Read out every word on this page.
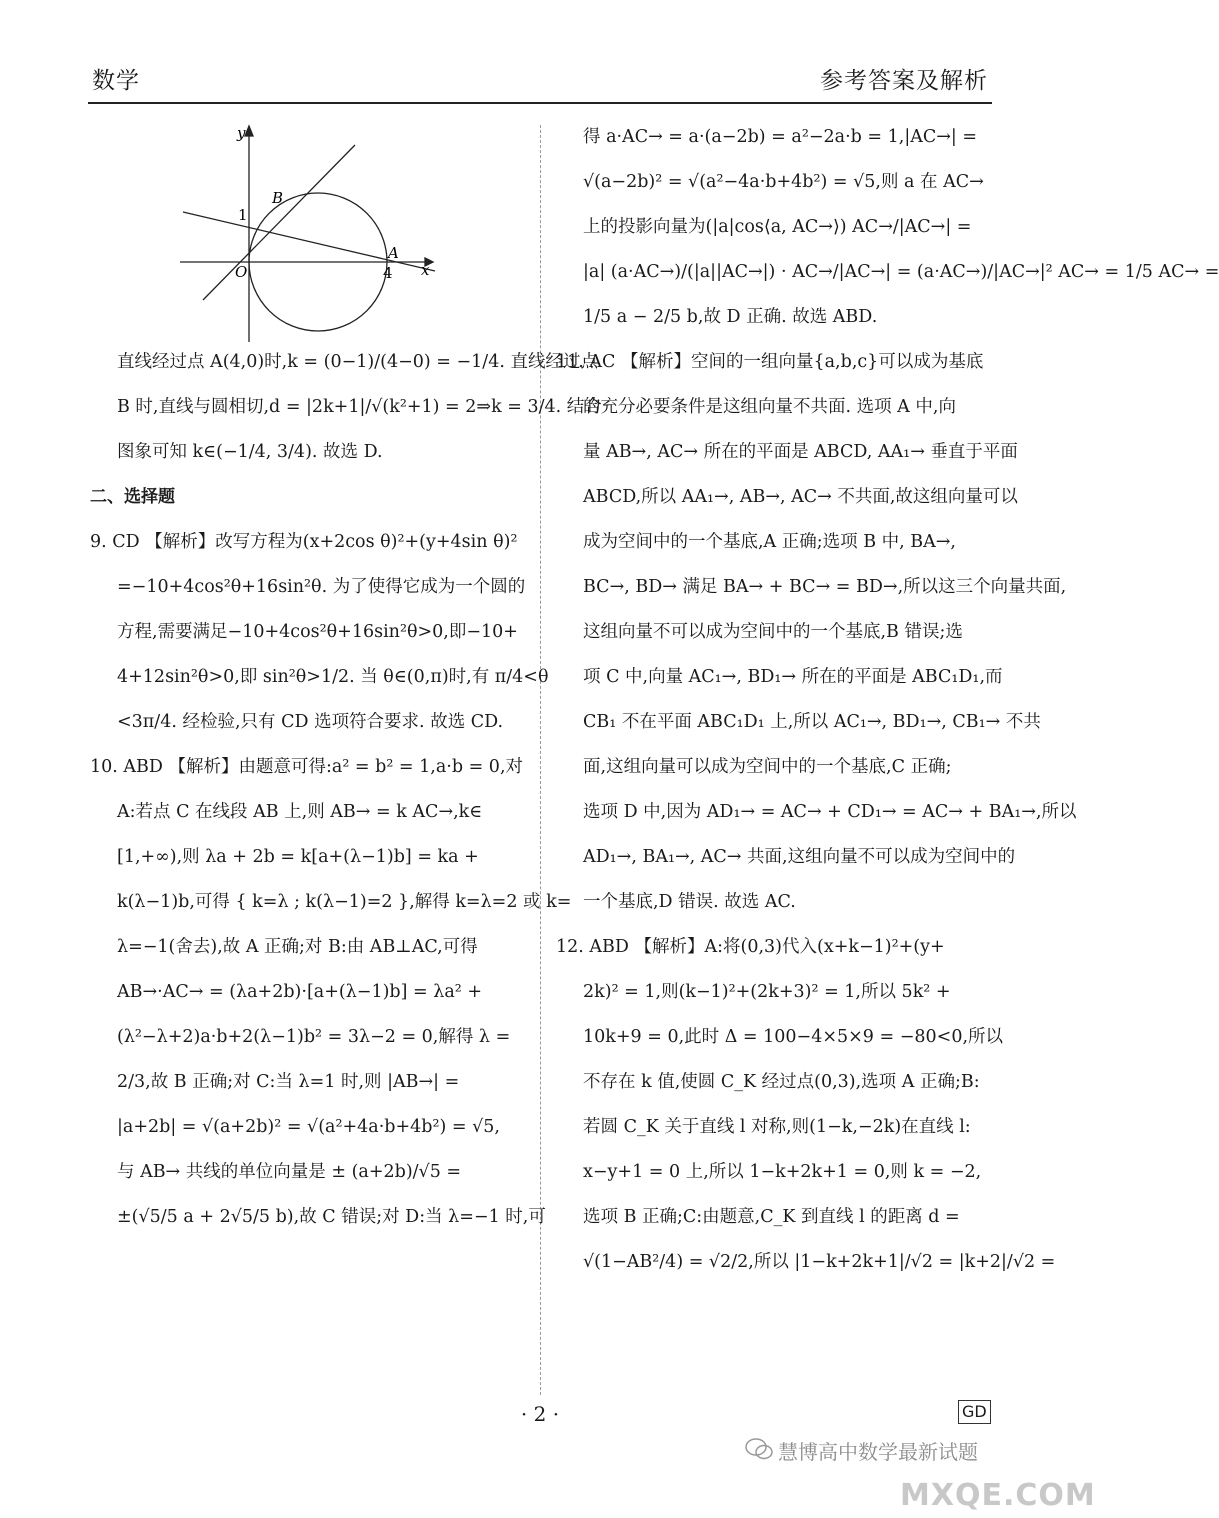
数学	参考答案及解析
y
x
O	4
1
A
B
直线经过点 A(4,0)时,k = (0−1)/(4−0) = −1/4. 直线经过点
B 时,直线与圆相切,d = |2k+1|/√(k²+1) = 2⇒k = 3/4. 结合
图象可知 k∈(−1/4, 3/4). 故选 D.
二、选择题
9. CD 【解析】改写方程为(x+2cos θ)²+(y+4sin θ)²
=−10+4cos²θ+16sin²θ. 为了使得它成为一个圆的
方程,需要满足−10+4cos²θ+16sin²θ>0,即−10+
4+12sin²θ>0,即 sin²θ>1/2. 当 θ∈(0,π)时,有 π/4<θ
<3π/4. 经检验,只有 CD 选项符合要求. 故选 CD.
10. ABD 【解析】由题意可得:a² = b² = 1,a·b = 0,对
A:若点 C 在线段 AB 上,则 AB→ = k AC→,k∈
[1,+∞),则 λa + 2b = k[a+(λ−1)b] = ka +
k(λ−1)b,可得 { k=λ ; k(λ−1)=2 },解得 k=λ=2 或 k=
λ=−1(舍去),故 A 正确;对 B:由 AB⊥AC,可得
AB→·AC→ = (λa+2b)·[a+(λ−1)b] = λa² +
(λ²−λ+2)a·b+2(λ−1)b² = 3λ−2 = 0,解得 λ =
2/3,故 B 正确;对 C:当 λ=1 时,则 |AB→| =
|a+2b| = √(a+2b)² = √(a²+4a·b+4b²) = √5,
与 AB→ 共线的单位向量是 ± (a+2b)/√5 =
±(√5/5 a + 2√5/5 b),故 C 错误;对 D:当 λ=−1 时,可
得 a·AC→ = a·(a−2b) = a²−2a·b = 1,|AC→| =
√(a−2b)² = √(a²−4a·b+4b²) = √5,则 a 在 AC→
上的投影向量为(|a|cos⟨a, AC→⟩) AC→/|AC→| =
|a| (a·AC→)/(|a||AC→|) · AC→/|AC→| = (a·AC→)/|AC→|² AC→ = 1/5 AC→ =
1/5 a − 2/5 b,故 D 正确. 故选 ABD.
11. AC 【解析】空间的一组向量{a,b,c}可以成为基底
的充分必要条件是这组向量不共面. 选项 A 中,向
量 AB→, AC→ 所在的平面是 ABCD, AA₁→ 垂直于平面
ABCD,所以 AA₁→, AB→, AC→ 不共面,故这组向量可以
成为空间中的一个基底,A 正确;选项 B 中, BA→,
BC→, BD→ 满足 BA→ + BC→ = BD→,所以这三个向量共面,
这组向量不可以成为空间中的一个基底,B 错误;选
项 C 中,向量 AC₁→, BD₁→ 所在的平面是 ABC₁D₁,而
CB₁ 不在平面 ABC₁D₁ 上,所以 AC₁→, BD₁→, CB₁→ 不共
面,这组向量可以成为空间中的一个基底,C 正确;
选项 D 中,因为 AD₁→ = AC→ + CD₁→ = AC→ + BA₁→,所以
AD₁→, BA₁→, AC→ 共面,这组向量不可以成为空间中的
一个基底,D 错误. 故选 AC.
12. ABD 【解析】A:将(0,3)代入(x+k−1)²+(y+
2k)² = 1,则(k−1)²+(2k+3)² = 1,所以 5k² +
10k+9 = 0,此时 Δ = 100−4×5×9 = −80<0,所以
不存在 k 值,使圆 C_K 经过点(0,3),选项 A 正确;B:
若圆 C_K 关于直线 l 对称,则(1−k,−2k)在直线 l:
x−y+1 = 0 上,所以 1−k+2k+1 = 0,则 k = −2,
选项 B 正确;C:由题意,C_K 到直线 l 的距离 d =
√(1−AB²/4) = √2/2,所以 |1−k+2k+1|/√2 = |k+2|/√2 =
· 2 ·	GD
慧博高中数学最新试题
MXQE.COM
